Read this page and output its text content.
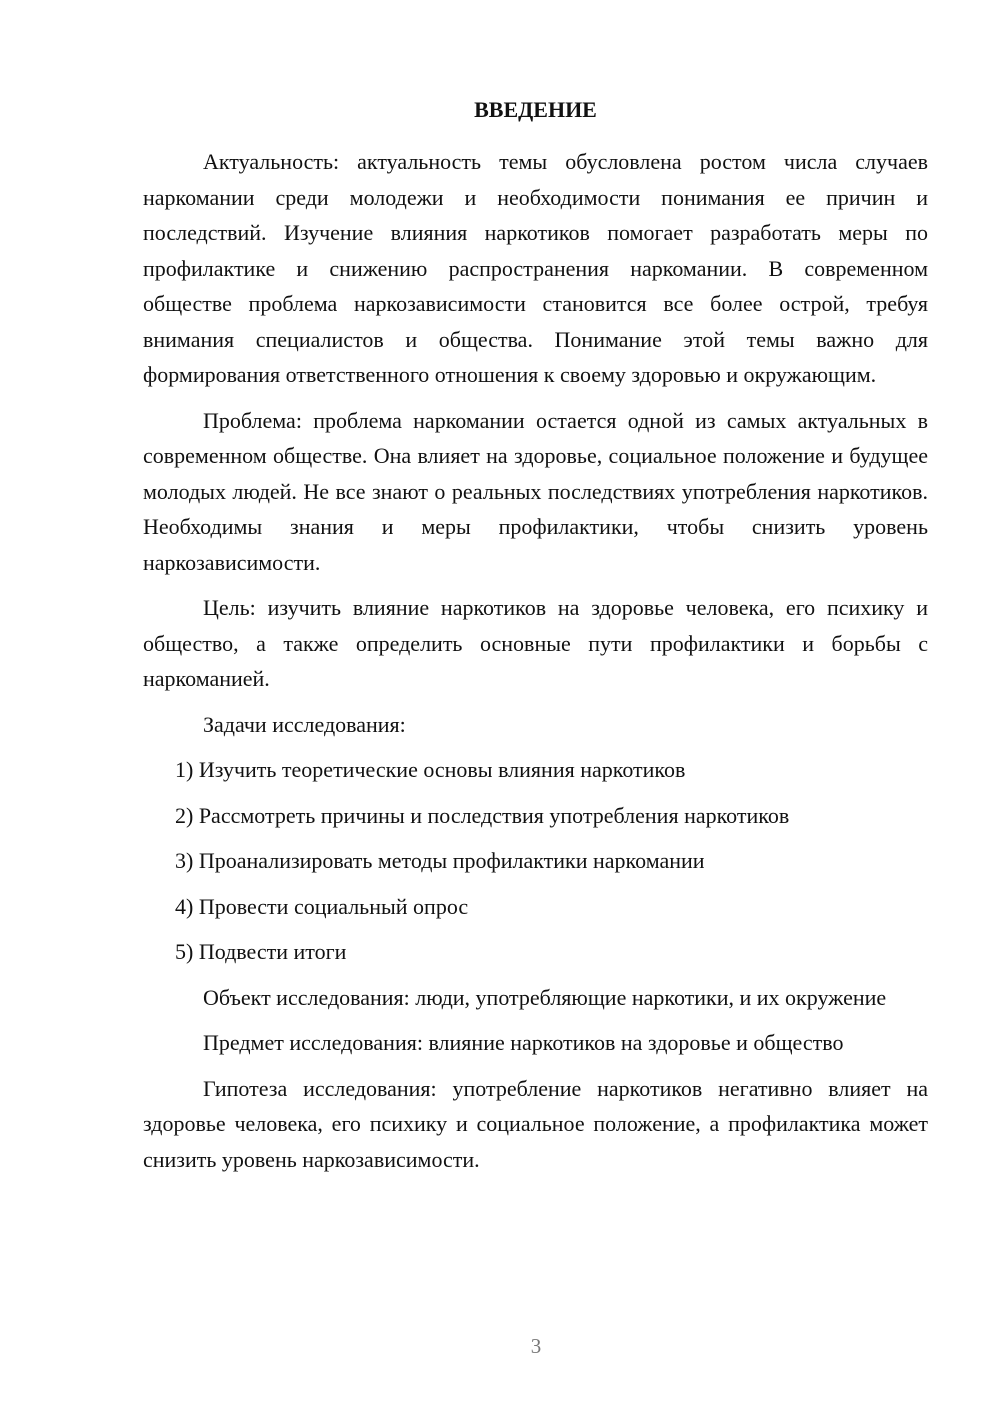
ВВЕДЕНИЕ

Актуальность: актуальность темы обусловлена ростом числа случаев наркомании среди молодежи и необходимости понимания ее причин и последствий. Изучение влияния наркотиков помогает разработать меры по профилактике и снижению распространения наркомании. В современном обществе проблема наркозависимости становится все более острой, требуя внимания специалистов и общества. Понимание этой темы важно для формирования ответственного отношения к своему здоровью и окружающим.

Проблема: проблема наркомании остается одной из самых актуальных в современном обществе. Она влияет на здоровье, социальное положение и будущее молодых людей. Не все знают о реальных последствиях употребления наркотиков. Необходимы знания и меры профилактики, чтобы снизить уровень наркозависимости.

Цель: изучить влияние наркотиков на здоровье человека, его психику и общество, а также определить основные пути профилактики и борьбы с наркоманией.

Задачи исследования:

1) Изучить теоретические основы влияния наркотиков
2) Рассмотреть причины и последствия употребления наркотиков
3) Проанализировать методы профилактики наркомании
4) Провести социальный опрос
5) Подвести итоги

Объект исследования: люди, употребляющие наркотики, и их окружение

Предмет исследования: влияние наркотиков на здоровье и общество

Гипотеза исследования: употребление наркотиков негативно влияет на здоровье человека, его психику и социальное положение, а профилактика может снизить уровень наркозависимости.

3
